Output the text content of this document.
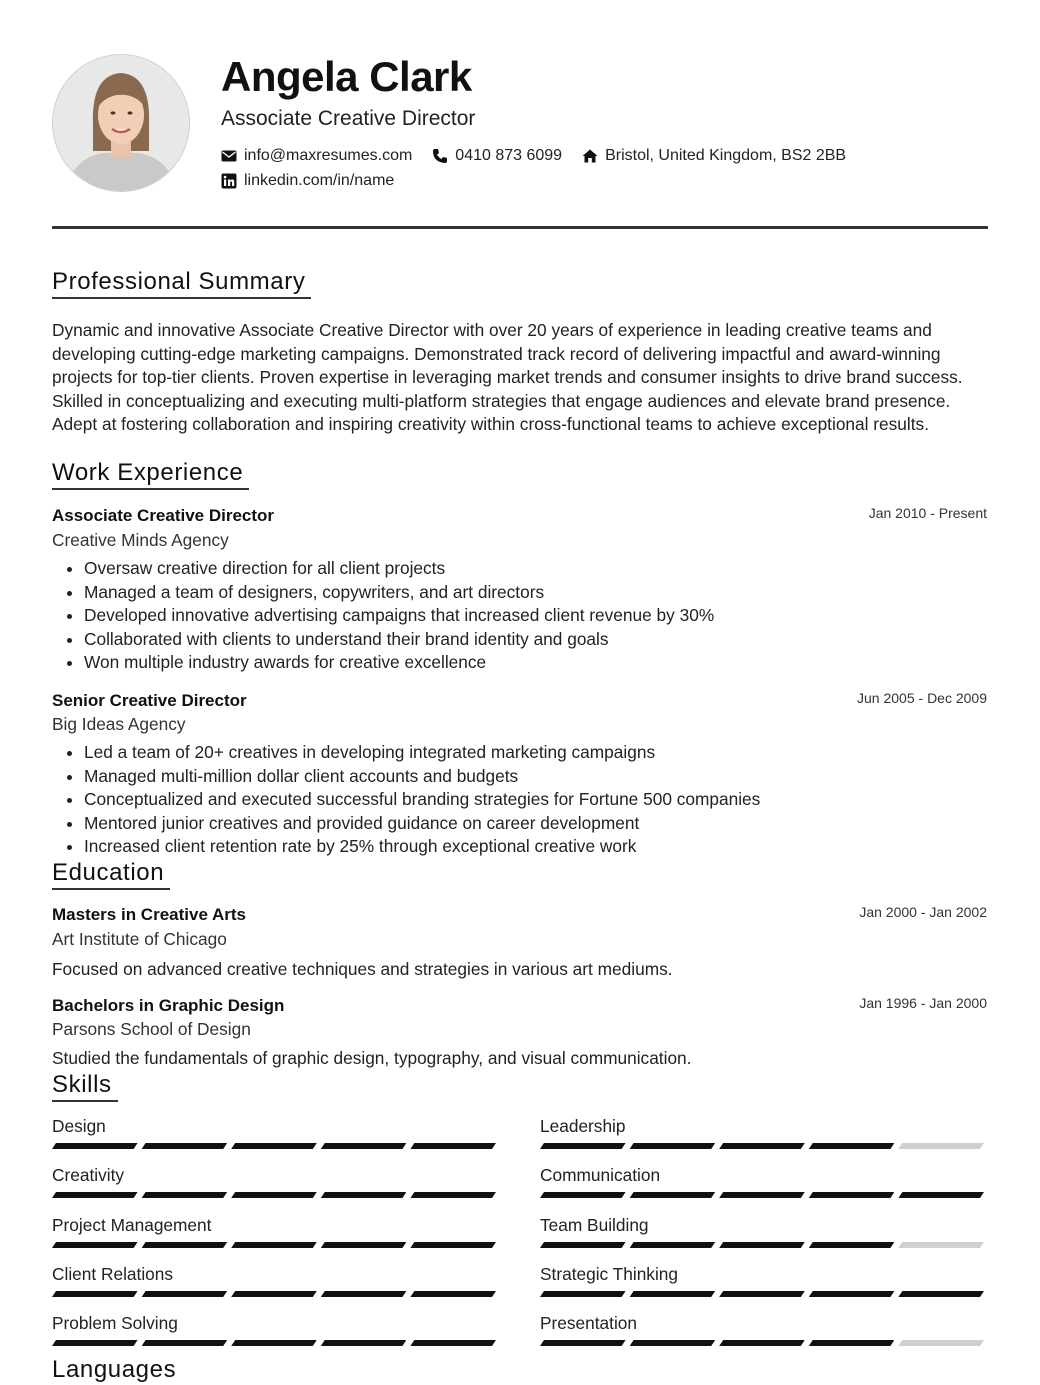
Angela Clark
Associate Creative Director
info@maxresumes.com	0410 873 6099	Bristol, United Kingdom, BS2 2BB
linkedin.com/in/name
Professional Summary
Dynamic and innovative Associate Creative Director with over 20 years of experience in leading creative teams and developing cutting-edge marketing campaigns. Demonstrated track record of delivering impactful and award-winning projects for top-tier clients. Proven expertise in leveraging market trends and consumer insights to drive brand success. Skilled in conceptualizing and executing multi-platform strategies that engage audiences and elevate brand presence. Adept at fostering collaboration and inspiring creativity within cross-functional teams to achieve exceptional results.
Work Experience
Associate Creative Director	Jan 2010 - Present
Creative Minds Agency
• Oversaw creative direction for all client projects
• Managed a team of designers, copywriters, and art directors
• Developed innovative advertising campaigns that increased client revenue by 30%
• Collaborated with clients to understand their brand identity and goals
• Won multiple industry awards for creative excellence
Senior Creative Director	Jun 2005 - Dec 2009
Big Ideas Agency
• Led a team of 20+ creatives in developing integrated marketing campaigns
• Managed multi-million dollar client accounts and budgets
• Conceptualized and executed successful branding strategies for Fortune 500 companies
• Mentored junior creatives and provided guidance on career development
• Increased client retention rate by 25% through exceptional creative work
Education
Masters in Creative Arts	Jan 2000 - Jan 2002
Art Institute of Chicago
Focused on advanced creative techniques and strategies in various art mediums.
Bachelors in Graphic Design	Jan 1996 - Jan 2000
Parsons School of Design
Studied the fundamentals of graphic design, typography, and visual communication.
Skills
Design	Leadership
Creativity	Communication
Project Management	Team Building
Client Relations	Strategic Thinking
Problem Solving	Presentation
Languages
